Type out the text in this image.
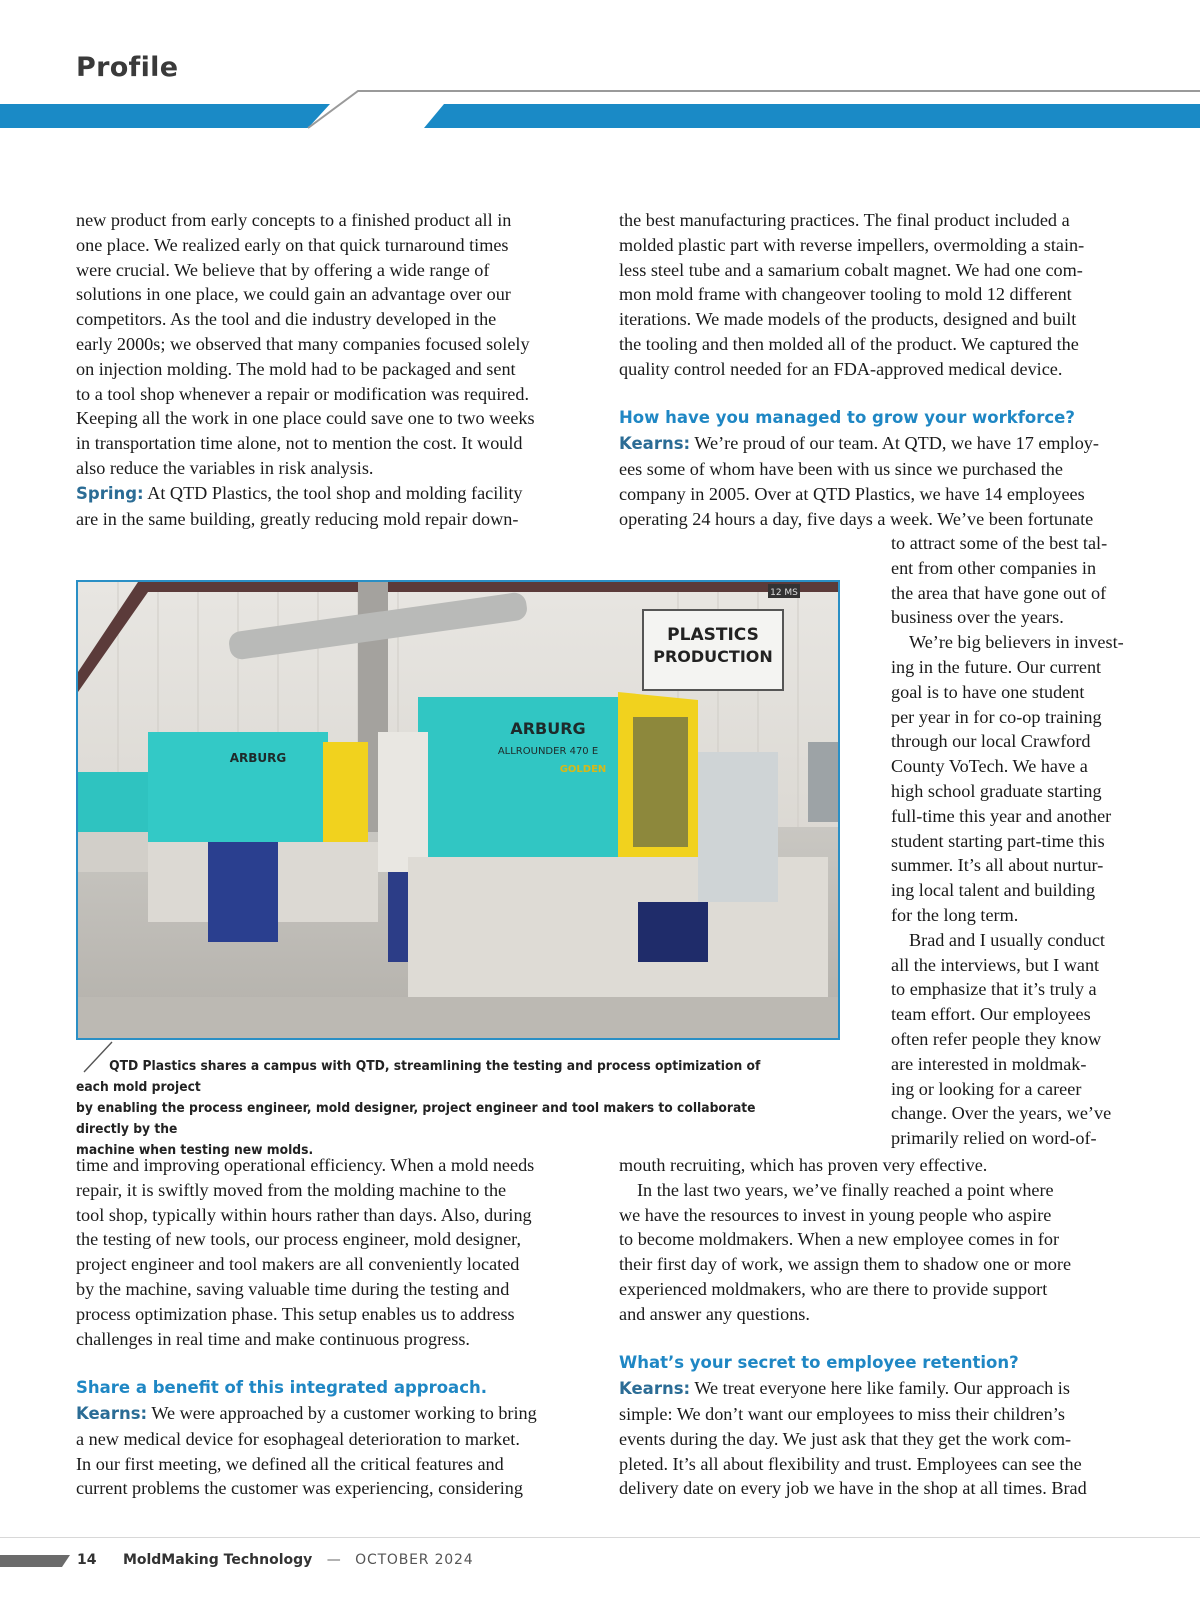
Profile

new product from early concepts to a finished product all in

one place. We realized early on that quick turnaround times

were crucial. We believe that by offering a wide range of

solutions in one place, we could gain an advantage over our

competitors. As the tool and die industry developed in the

early 2000s; we observed that many companies focused solely

on injection molding. The mold had to be packaged and sent

to a tool shop whenever a repair or modification was required.

Keeping all the work in one place could save one to two weeks

in transportation time alone, not to mention the cost. It would

also reduce the variables in risk analysis.

Spring: At QTD Plastics, the tool shop and molding facility

are in the same building, greatly reducing mold repair down-

the best manufacturing practices. The final product included a

molded plastic part with reverse impellers, overmolding a stain-

less steel tube and a samarium cobalt magnet. We had one com-

mon mold frame with changeover tooling to mold 12 different

iterations. We made models of the products, designed and built

the tooling and then molded all of the product. We captured the

quality control needed for an FDA-approved medical device.

How have you managed to grow your workforce?

Kearns: We’re proud of our team. At QTD, we have 17 employ-

ees some of whom have been with us since we purchased the

company in 2005. Over at QTD Plastics, we have 14 employees

operating 24 hours a day, five days a week. We’ve been fortunate

to attract some of the best tal-

ent from other companies in

the area that have gone out of

business over the years.

We’re big believers in invest-

ing in the future. Our current

goal is to have one student

per year in for co-op training

through our local Crawford

County VoTech. We have a

high school graduate starting

full-time this year and another

student starting part-time this

summer. It’s all about nurtur-

ing local talent and building

for the long term.

Brad and I usually conduct

all the interviews, but I want

to emphasize that it’s truly a

team effort. Our employees

often refer people they know

are interested in moldmak-

ing or looking for a career

change. Over the years, we’ve

primarily relied on word-of-

PLASTICS
PRODUCTION
12 MS
ARBURG
ARBURG
ALLROUNDER 470 E
GOLDEN
QTD Plastics shares a campus with QTD, streamlining the testing and process optimization of each mold project
by enabling the process engineer, mold designer, project engineer and tool makers to collaborate directly by the
machine when testing new molds.

time and improving operational efficiency. When a mold needs

repair, it is swiftly moved from the molding machine to the

tool shop, typically within hours rather than days. Also, during

the testing of new tools, our process engineer, mold designer,

project engineer and tool makers are all conveniently located

by the machine, saving valuable time during the testing and

process optimization phase. This setup enables us to address

challenges in real time and make continuous progress.

Share a benefit of this integrated approach.

Kearns: We were approached by a customer working to bring

a new medical device for esophageal deterioration to market.

In our first meeting, we defined all the critical features and

current problems the customer was experiencing, considering

mouth recruiting, which has proven very effective.

In the last two years, we’ve finally reached a point where

we have the resources to invest in young people who aspire

to become moldmakers. When a new employee comes in for

their first day of work, we assign them to shadow one or more

experienced moldmakers, who are there to provide support

and answer any questions.

What’s your secret to employee retention?

Kearns: We treat everyone here like family. Our approach is

simple: We don’t want our employees to miss their children’s

events during the day. We just ask that they get the work com-

pleted. It’s all about flexibility and trust. Employees can see the

delivery date on every job we have in the shop at all times. Brad

14 MoldMaking Technology — OCTOBER 2024
